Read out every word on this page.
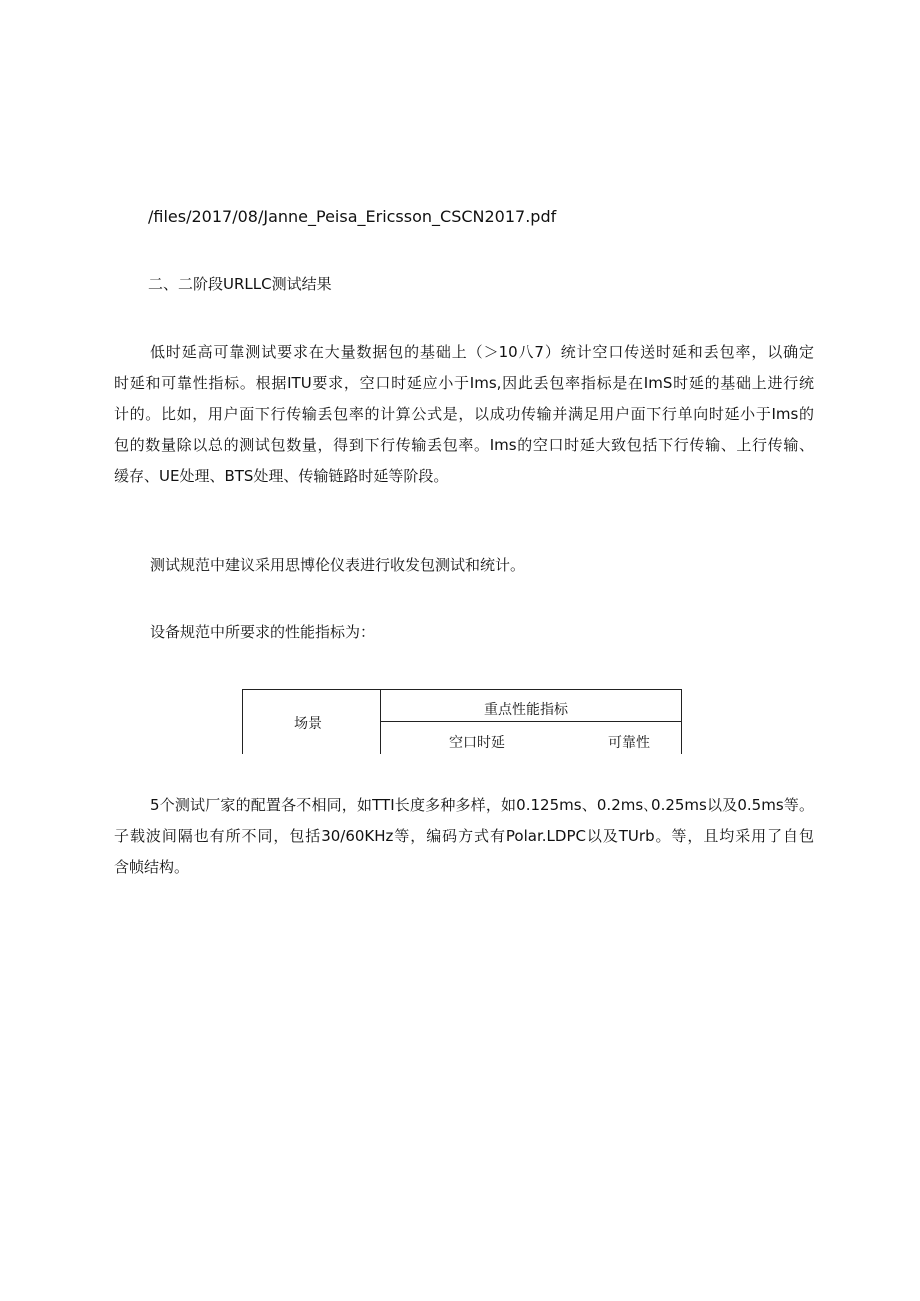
/files/2017/08/Janne_Peisa_Ericsson_CSCN2017.pdf
二、二阶段URLLC测试结果
低时延高可靠测试要求在大量数据包的基础上（＞10八7）统计空口传送时延和丢包率，以确定
时延和可靠性指标。根据ITU要求，空口时延应小于Ims,因此丢包率指标是在ImS时延的基础上进行统
计的。比如，用户面下行传输丢包率的计算公式是，以成功传输并满足用户面下行单向时延小于Ims的
包的数量除以总的测试包数量，得到下行传输丢包率。Ims的空口时延大致包括下行传输、上行传输、
缓存、UE处理、BTS处理、传输链路时延等阶段。
测试规范中建议采用思博伦仪表进行收发包测试和统计。
设备规范中所要求的性能指标为：
场景
重点性能指标
空口时延	可靠性
5个测试厂家的配置各不相同，如TTI长度多种多样，如0.125ms、0.2ms､0.25ms以及0.5ms等。
子载波间隔也有所不同，包括30/60KHz等，编码方式有Polar.LDPC以及TUrb。等，且均采用了自包
含帧结构。
